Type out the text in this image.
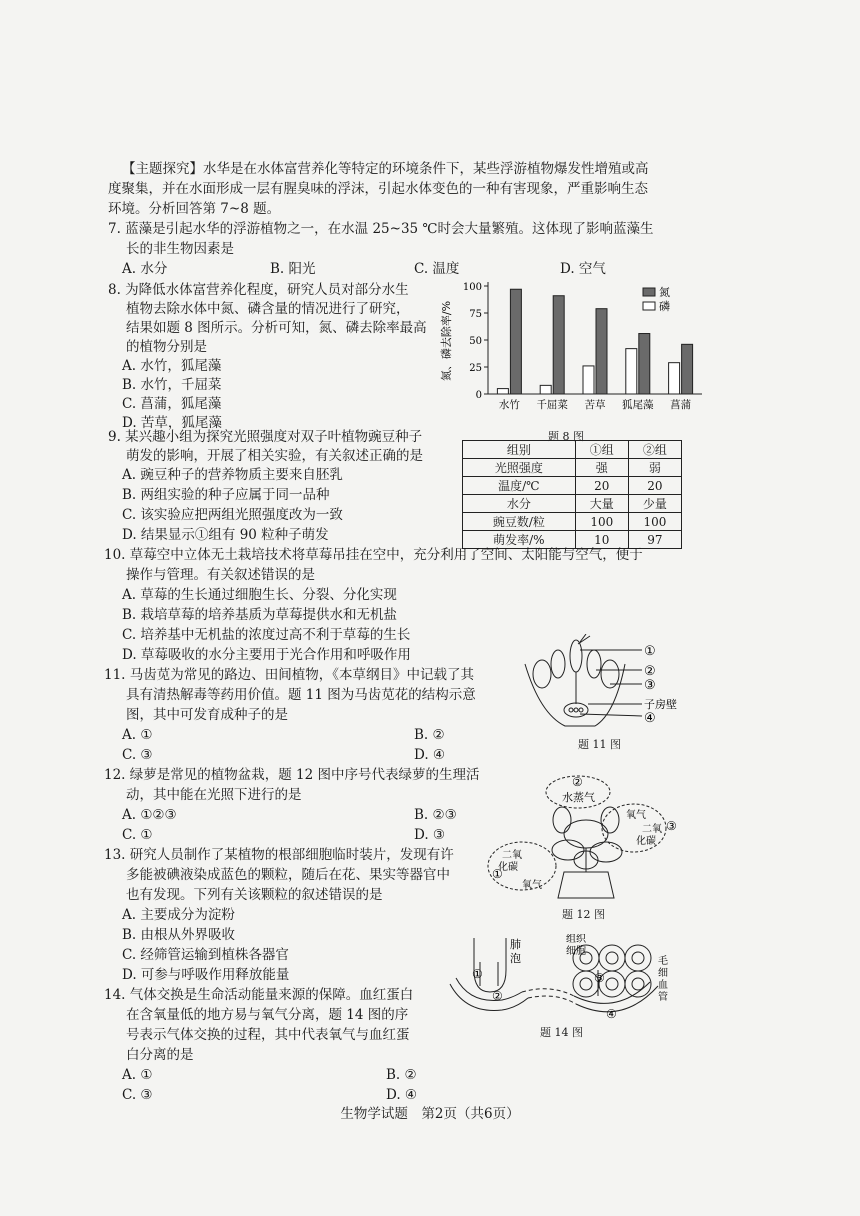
【主题探究】水华是在水体富营养化等特定的环境条件下，某些浮游植物爆发性增殖或高
度聚集，并在水面形成一层有腥臭味的浮沫，引起水体变色的一种有害现象，严重影响生态
环境。分析回答第 7~8 题。
7. 蓝藻是引起水华的浮游植物之一，在水温 25~35 ℃时会大量繁殖。这体现了影响蓝藻生
长的非生物因素是
A. 水分	B. 阳光	C. 温度	D. 空气
8. 为降低水体富营养化程度，研究人员对部分水生
植物去除水体中氮、磷含量的情况进行了研究，
结果如题 8 图所示。分析可知，氮、磷去除率最高
的植物分别是
A. 水竹，狐尾藻
B. 水竹，千屈菜
C. 菖蒲，狐尾藻
D. 苦草，狐尾藻
0
25
50
75
100
水竹 千屈菜 苦草 狐尾藻 菖蒲
氮、磷去除率/%
氮
磷
题 8 图
9. 某兴趣小组为探究光照强度对双子叶植物豌豆种子
萌发的影响，开展了相关实验，有关叙述正确的是
A. 豌豆种子的营养物质主要来自胚乳
B. 两组实验的种子应属于同一品种
C. 该实验应把两组光照强度改为一致
D. 结果显示①组有 90 粒种子萌发
组别	①组	②组
光照强度	强	弱
温度/℃	20	20
水分	大量	少量
豌豆数/粒	100	100
萌发率/%	10	97
10. 草莓空中立体无土栽培技术将草莓吊挂在空中，充分利用了空间、太阳能与空气，便于
操作与管理。有关叙述错误的是
A. 草莓的生长通过细胞生长、分裂、分化实现
B. 栽培草莓的培养基质为草莓提供水和无机盐
C. 培养基中无机盐的浓度过高不利于草莓的生长
D. 草莓吸收的水分主要用于光合作用和呼吸作用
11. 马齿苋为常见的路边、田间植物，《本草纲目》中记载了其
具有清热解毒等药用价值。题 11 图为马齿苋花的结构示意
图，其中可发育成种子的是
A. ①	B. ②
C. ③	D. ④
①
②
③
子房壁
④
题 11 图
12. 绿萝是常见的植物盆栽，题 12 图中序号代表绿萝的生理活
动，其中能在光照下进行的是
A. ①②③	B. ②③
C. ①	D. ③
②
水蒸气
氧气
二氧
化碳
③
二氧
化碳
①
氧气
题 12 图
13. 研究人员制作了某植物的根部细胞临时装片，发现有许
多能被碘液染成蓝色的颗粒，随后在花、果实等器官中
也有发现。下列有关该颗粒的叙述错误的是
A. 主要成分为淀粉
B. 由根从外界吸收
C. 经筛管运输到植株各器官
D. 可参与呼吸作用释放能量
14. 气体交换是生命活动能量来源的保障。血红蛋白
在含氧量低的地方易与氧气分离，题 14 图的序
号表示气体交换的过程，其中代表氧气与血红蛋
白分离的是
A. ①	B. ②
C. ③	D. ④
肺
泡
组织
细胞
毛
细
血
管
①
②
③
④
题 14 图
生物学试题　第2页（共6页）
